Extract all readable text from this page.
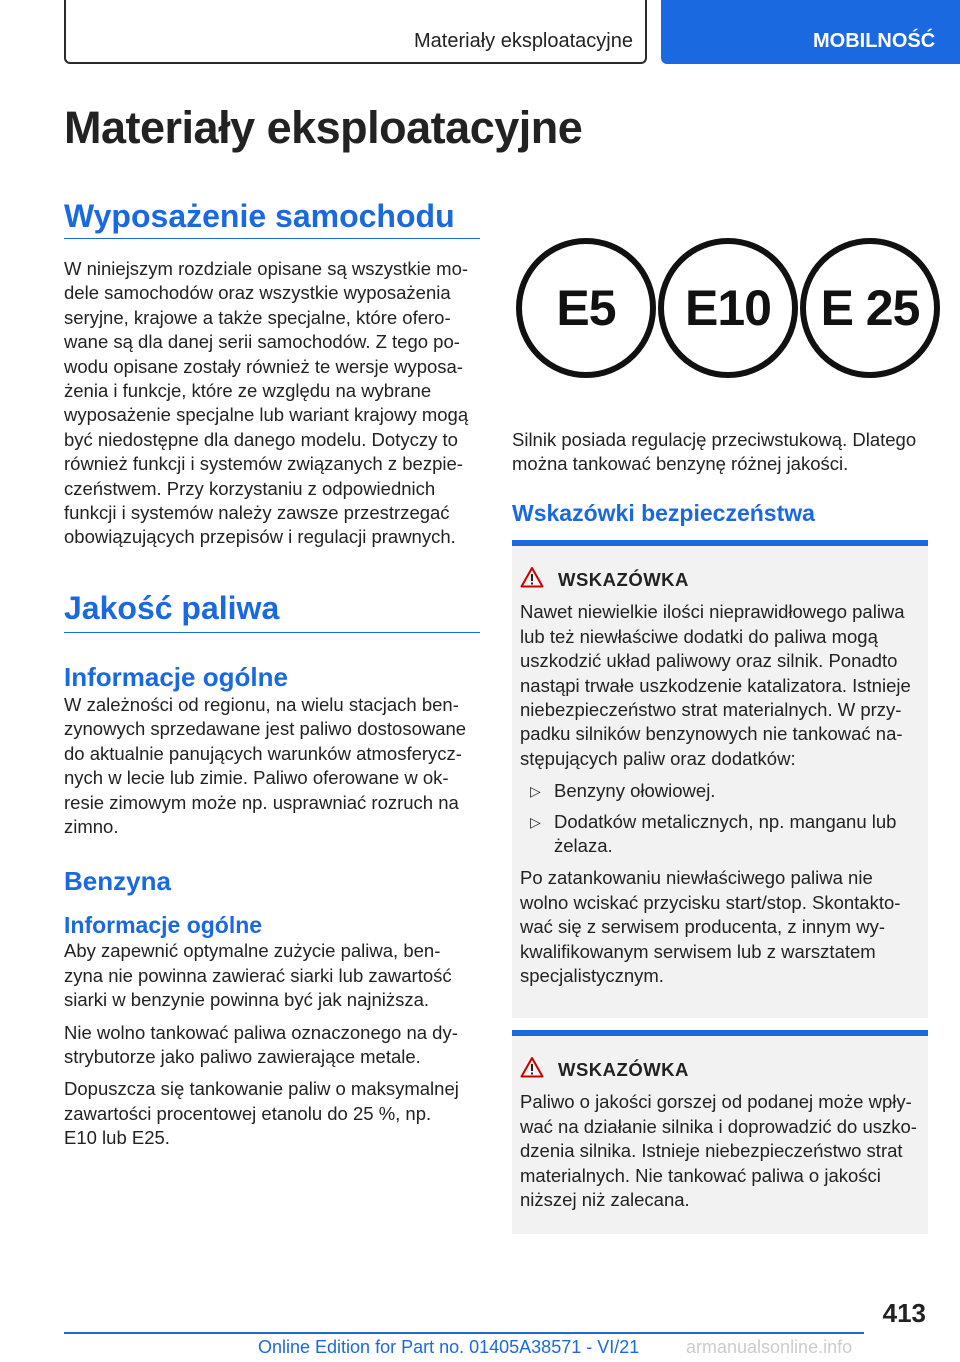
Materiały eksploatacyjne	MOBILNOŚĆ
Materiały eksploatacyjne
Wyposażenie samochodu

W niniejszym rozdziale opisane są wszystkie mo-
dele samochodów oraz wszystkie wyposażenia
seryjne, krajowe a także specjalne, które ofero-
wane są dla danej serii samochodów. Z tego po-
wodu opisane zostały również te wersje wyposa-
żenia i funkcje, które ze względu na wybrane
wyposażenie specjalne lub wariant krajowy mogą
być niedostępne dla danego modelu. Dotyczy to
również funkcji i systemów związanych z bezpie-
czeństwem. Przy korzystaniu z odpowiednich
funkcji i systemów należy zawsze przestrzegać
obowiązujących przepisów i regulacji prawnych.

Jakość paliwa
Informacje ogólne

W zależności od regionu, na wielu stacjach ben-
zynowych sprzedawane jest paliwo dostosowane
do aktualnie panujących warunków atmosferycz-
nych w lecie lub zimie. Paliwo oferowane w ok-
resie zimowym może np. usprawniać rozruch na
zimno.

Benzyna
Informacje ogólne

Aby zapewnić optymalne zużycie paliwa, ben-
zyna nie powinna zawierać siarki lub zawartość
siarki w benzynie powinna być jak najniższa.

Nie wolno tankować paliwa oznaczonego na dy-
strybutorze jako paliwo zawierające metale.

Dopuszcza się tankowanie paliw o maksymalnej
zawartości procentowej etanolu do 25 %, np.
E10 lub E25.

E5	E10 E 25

Silnik posiada regulację przeciwstukową. Dlatego
można tankować benzynę różnej jakości.

Wskazówki bezpieczeństwa
WSKAZÓWKA

Nawet niewielkie ilości nieprawidłowego paliwa
lub też niewłaściwe dodatki do paliwa mogą
uszkodzić układ paliwowy oraz silnik. Ponadto
nastąpi trwałe uszkodzenie katalizatora. Istnieje
niebezpieczeństwo strat materialnych. W przy-
padku silników benzynowych nie tankować na-
stępujących paliw oraz dodatków:

▷ Benzyny ołowiowej.
▷ Dodatków metalicznych, np. manganu lub
żelaza.

Po zatankowaniu niewłaściwego paliwa nie
wolno wciskać przycisku start/stop. Skontakto-
wać się z serwisem producenta, z innym wy-
kwalifikowanym serwisem lub z warsztatem
specjalistycznym.

WSKAZÓWKA

Paliwo o jakości gorszej od podanej może wpły-
wać na działanie silnika i doprowadzić do uszko-
dzenia silnika. Istnieje niebezpieczeństwo strat
materialnych. Nie tankować paliwa o jakości
niższej niż zalecana.

413
Online Edition for Part no. 01405A38571 - VI/21	armanualsonline.info
